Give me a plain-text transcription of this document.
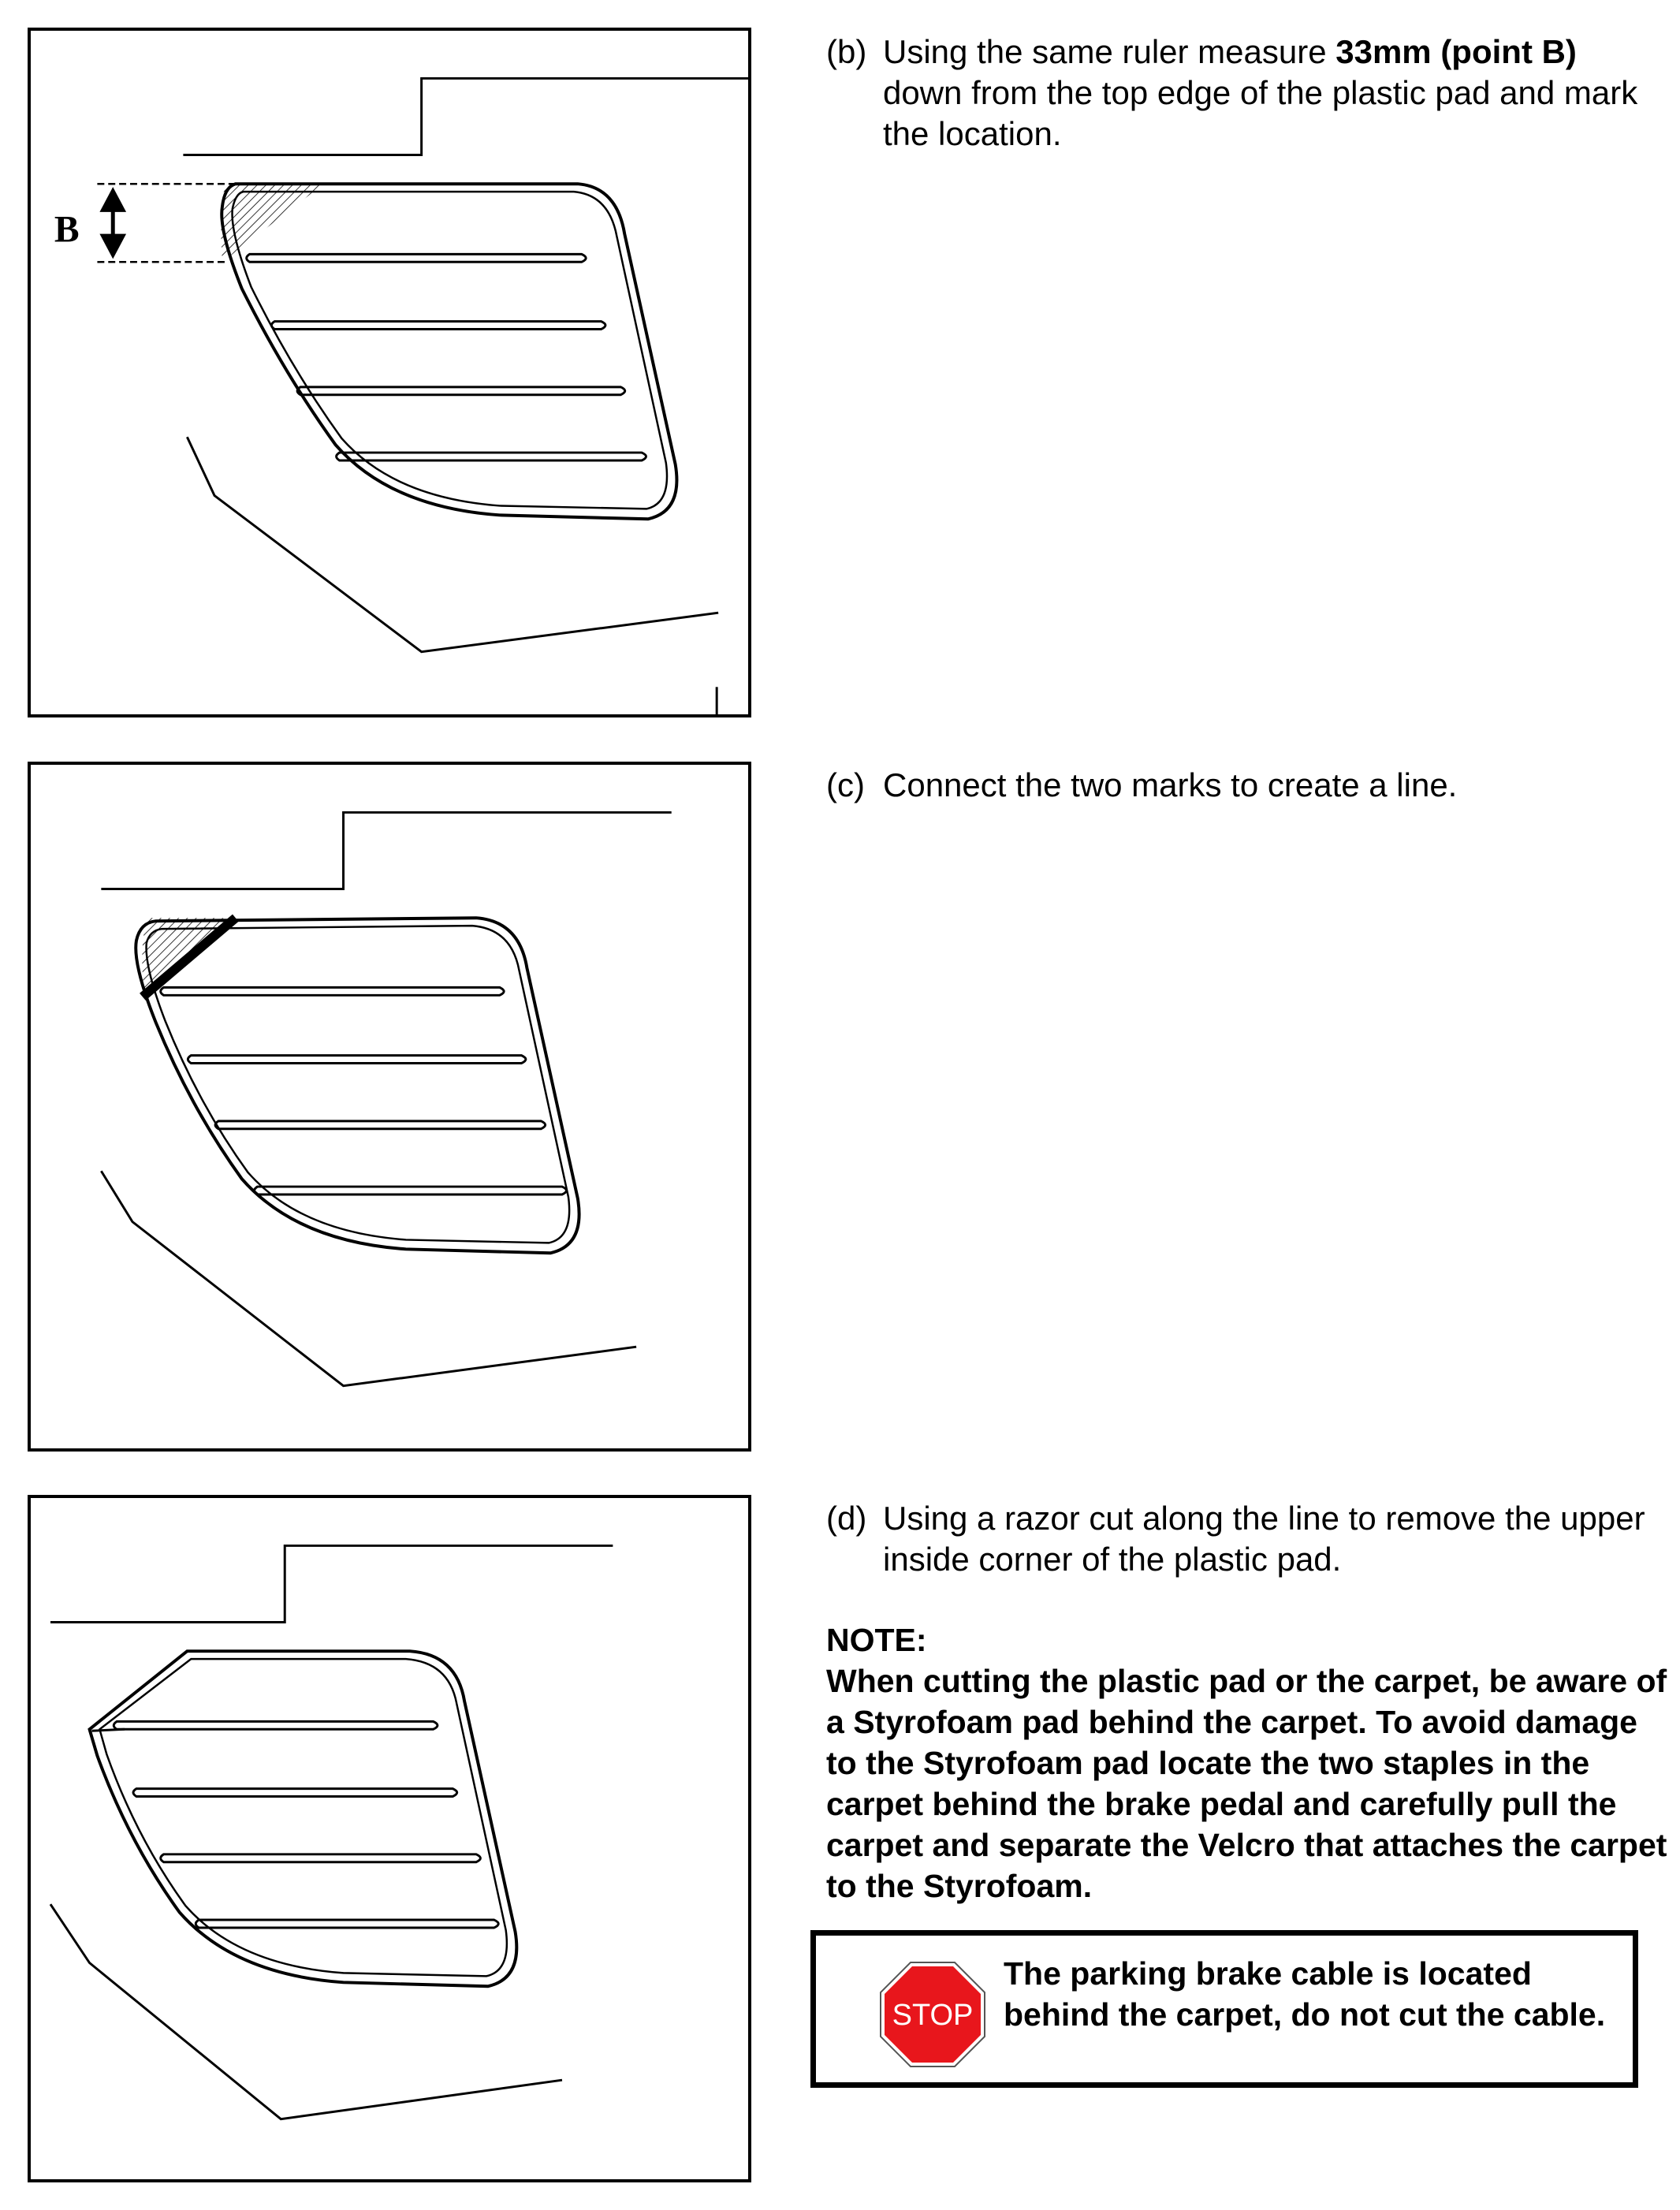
B
(b) Using the same ruler measure 33mm (point B) down from the top edge of the plastic pad and mark the location.
(c) Connect the two marks to create a line.
(d) Using a razor cut along the line to remove the upper inside corner of the plastic pad.
NOTE:
When cutting the plastic pad or the carpet, be aware of a Styrofoam pad behind the carpet. To avoid damage to the Styrofoam pad locate the two staples in the carpet behind the brake pedal and carefully pull the carpet and separate the Velcro that attaches the carpet to the Styrofoam.
STOP
The parking brake cable is located behind the carpet, do not cut the cable.
